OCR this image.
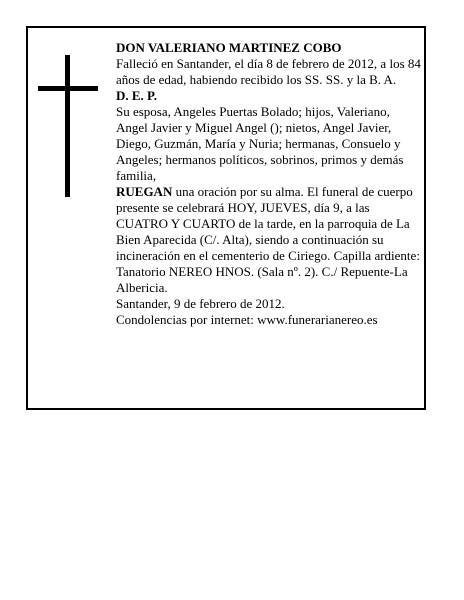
DON VALERIANO MARTINEZ COBO

Falleció en Santander, el día 8 de febrero de 2012, a los 84 años de edad, habiendo recibido los SS. SS. y la B. A.

D. E. P.

Su esposa, Angeles Puertas Bolado; hijos, Valeriano, Angel Javier y Miguel Angel (); nietos, Angel Javier, Diego, Guzmán, María y Nuria; hermanas, Consuelo y Angeles; hermanos políticos, sobrinos, primos y demás familia,

RUEGAN una oración por su alma. El funeral de cuerpo presente se celebrará HOY, JUEVES, día 9, a las CUATRO Y CUARTO de la tarde, en la parroquia de La Bien Aparecida (C/. Alta), siendo a continuación su incineración en el cementerio de Ciriego. Capilla ardiente: Tanatorio NEREO HNOS. (Sala nº. 2). C./ Repuente-La Albericia.

Santander, 9 de febrero de 2012.

Condolencias por internet: www.funerarianereo.es
